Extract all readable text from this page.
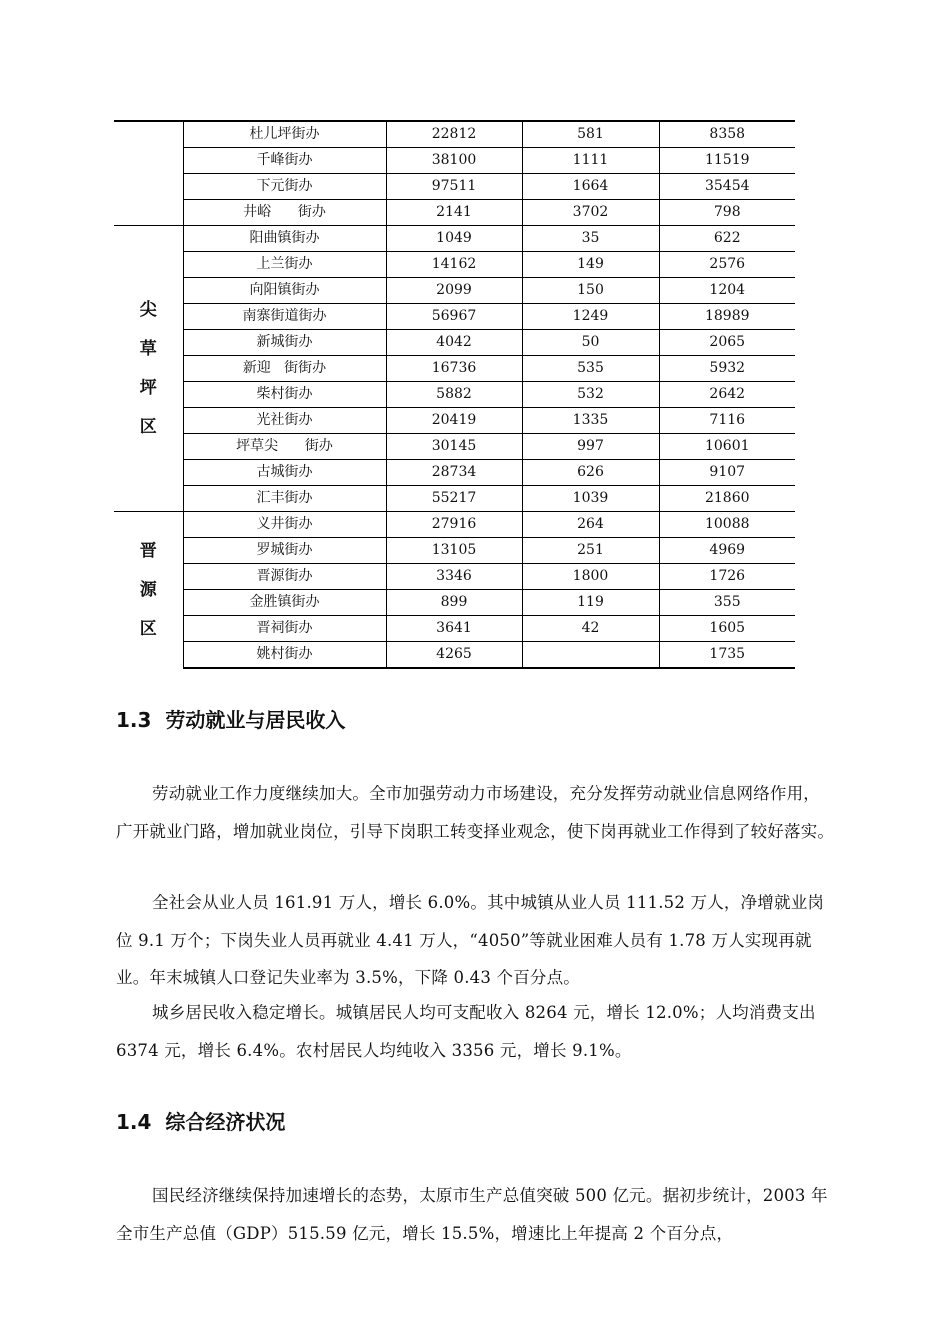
	杜儿坪街办	22812	581	8358
	千峰街办	38100	1111	11519
	下元街办	97511	1664	35454
	井峪      街办	2141	3702	798

尖
草
坪
区	阳曲镇街办	1049	35	622
	上兰街办	14162	149	2576
	向阳镇街办	2099	150	1204
	南寨街道街办	56967	1249	18989
	新城街办	4042	50	2065
	新迎   街街办	16736	535	5932
	柴村街办	5882	532	2642
	光社街办	20419	1335	7116
	坪草尖      街办	30145	997	10601
	古城街办	28734	626	9107
	汇丰街办	55217	1039	21860

晋
源
区	义井街办	27916	264	10088
	罗城街办	13105	251	4969
	晋源街办	3346	1800	1726
	金胜镇街办	899	119	355
	晋祠街办	3641	42	1605
	姚村街办	4265		1735
1.3  劳动就业与居民收入

劳动就业工作力度继续加大。全市加强劳动力市场建设，充分发挥劳动就业信息网络作用，广开就业门路，增加就业岗位，引导下岗职工转变择业观念，使下岗再就业工作得到了较好落实。

全社会从业人员 161.91 万人，增长 6.0%。其中城镇从业人员 111.52 万人，净增就业岗位 9.1 万个；下岗失业人员再就业 4.41 万人，“4050”等就业困难人员有 1.78 万人实现再就业。年末城镇人口登记失业率为 3.5%，下降 0.43 个百分点。

城乡居民收入稳定增长。城镇居民人均可支配收入 8264 元，增长 12.0%；人均消费支出 6374 元，增长 6.4%。农村居民人均纯收入 3356 元，增长 9.1%。

1.4  综合经济状况

国民经济继续保持加速增长的态势，太原市生产总值突破 500 亿元。据初步统计，2003 年全市生产总值（GDP）515.59 亿元，增长 15.5%，增速比上年提高 2 个百分点，
